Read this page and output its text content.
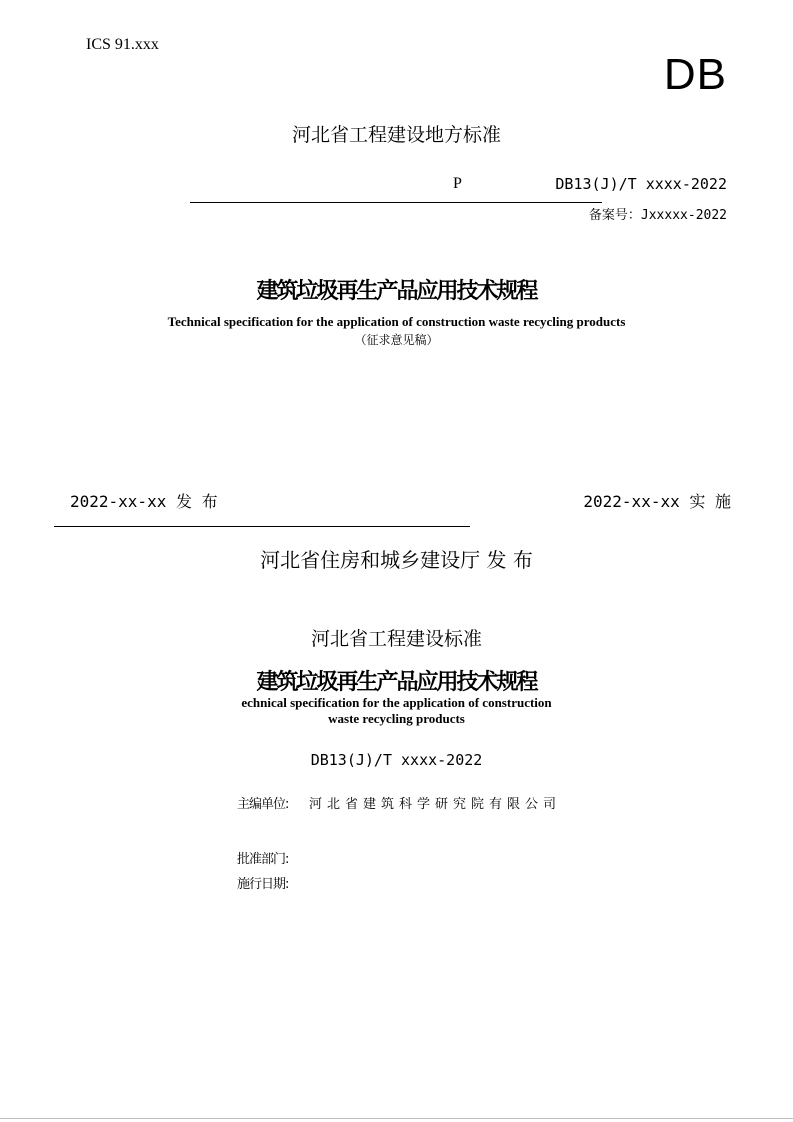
ICS 91.xxx
DB
河北省工程建设地方标准
P	DB13(J)/T xxxx-2022
备案号：Jxxxxx-2022
建筑垃圾再生产品应用技术规程
Technical specification for the application of construction waste recycling products
（征求意见稿）
2022-xx-xx 发 布	2022-xx-xx 实 施
河北省住房和城乡建设厅 发 布
河北省工程建设标准
建筑垃圾再生产品应用技术规程
echnical specification for the application of construction
waste recycling products
DB13(J)/T xxxx-2022
主编单位: 河北省建筑科学研究院有限公司
批准部门:
施行日期:
